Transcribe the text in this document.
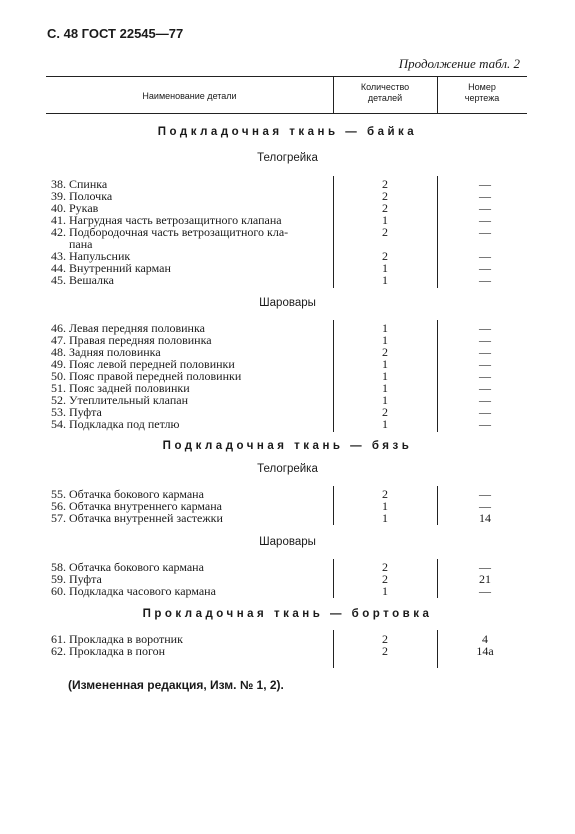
С. 48 ГОСТ 22545—77
Продолжение табл. 2
Наименование детали
Количество
деталей
Номер
чертежа
Подкладочная ткань — байка
Телогрейка
38. Спинка	2	—
39. Полочка	2	—
40. Рукав	2	—
41. Нагрудная часть ветрозащитного клапана	1	—
42. Подбородочная часть ветрозащитного кла-	2	—
пана
43. Напульсник	2	—
44. Внутренний карман	1	—
45. Вешалка	1	—
Шаровары
46. Левая передняя половинка	1	—
47. Правая передняя половинка	1	—
48. Задняя половинка	2	—
49. Пояс левой передней половинки	1	—
50. Пояс правой передней половинки	1	—
51. Пояс задней половинки	1	—
52. Утеплительный клапан	1	—
53. Пуфта	2	—
54. Подкладка под петлю	1	—
Подкладочная ткань — бязь
Телогрейка
55. Обтачка бокового кармана	2	—
56. Обтачка внутреннего кармана	1	—
57. Обтачка внутренней застежки	1	14
Шаровары
58. Обтачка бокового кармана	2	—
59. Пуфта	2	21
60. Подкладка часового кармана	1	—
Прокладочная ткань — бортовка
61. Прокладка в воротник	2	4
62. Прокладка в погон	2	14а
(Измененная редакция, Изм. № 1, 2).
